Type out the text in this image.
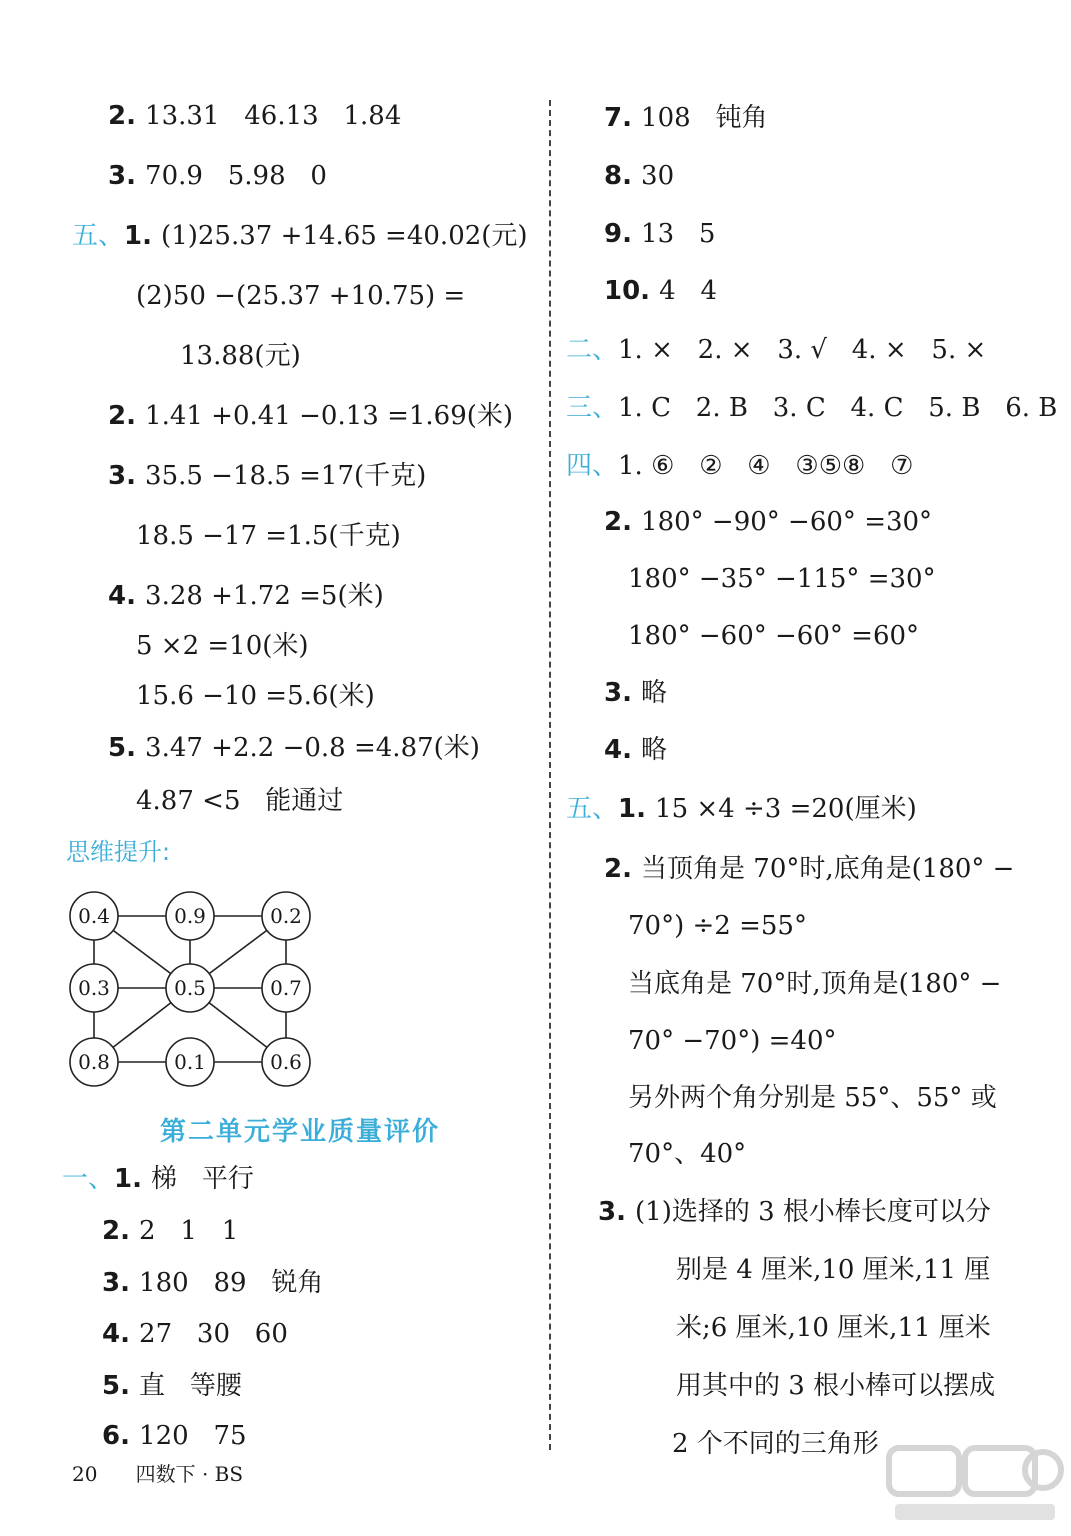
思维提升:
0.4	0.9	0.2
0.3	0.5	0.7
0.8	0.1	0.6
第二单元学业质量评价
20 四数下 · BS
2. 13.31   46.13   1.84
3. 70.9   5.98   0
五、1. (1)25.37 +14.65 =40.02(元)
(2)50 −(25.37 +10.75) =
13.88(元)
2. 1.41 +0.41 −0.13 =1.69(米)
3. 35.5 −18.5 =17(千克)
18.5 −17 =1.5(千克)
4. 3.28 +1.72 =5(米)
5 ×2 =10(米)
15.6 −10 =5.6(米)
5. 3.47 +2.2 −0.8 =4.87(米)
4.87 <5   能通过
一、1. 梯   平行
2. 2   1   1
3. 180   89   锐角
4. 27   30   60
5. 直   等腰
6. 120   75
7. 108   钝角
8. 30
9. 13   5
10. 4   4
二、1. ×   2. ×   3. √   4. ×   5. ×
三、1. C   2. B   3. C   4. C   5. B   6. B
四、1. ⑥   ②   ④   ③⑤⑧   ⑦
2. 180° −90° −60° =30°
180° −35° −115° =30°
180° −60° −60° =60°
3. 略
4. 略
五、1. 15 ×4 ÷3 =20(厘米)
2. 当顶角是 70°时,底角是(180° −
70°) ÷2 =55°
当底角是 70°时,顶角是(180° −
70° −70°) =40°
另外两个角分别是 55°、55° 或
70°、40°
3. (1)选择的 3 根小棒长度可以分
别是 4 厘米,10 厘米,11 厘
米;6 厘米,10 厘米,11 厘米
用其中的 3 根小棒可以摆成
2 个不同的三角形
